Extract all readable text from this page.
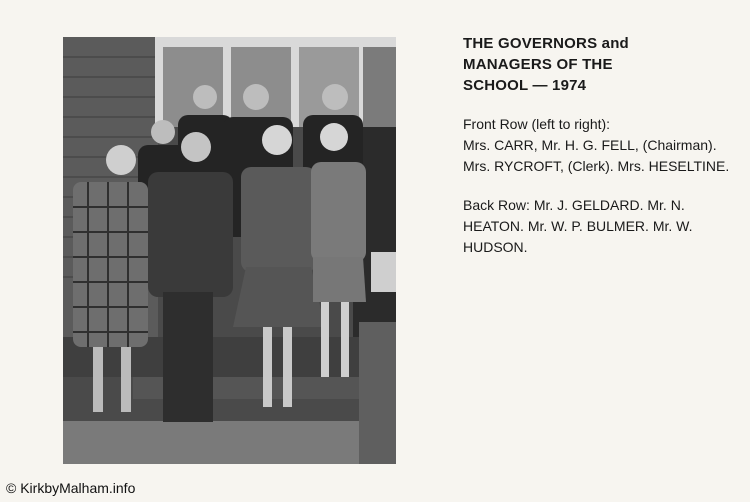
THE GOVERNORS and MANAGERS OF THE SCHOOL — 1974

Front Row (left to right):
Mrs. CARR, Mr. H. G. FELL, (Chairman). Mrs. RYCROFT, (Clerk). Mrs. HESELTINE.
Back Row: Mr. J. GELDARD. Mr. N. HEATON. Mr. W. P. BULMER. Mr. W. HUDSON.
© KirkbyMalham.info
